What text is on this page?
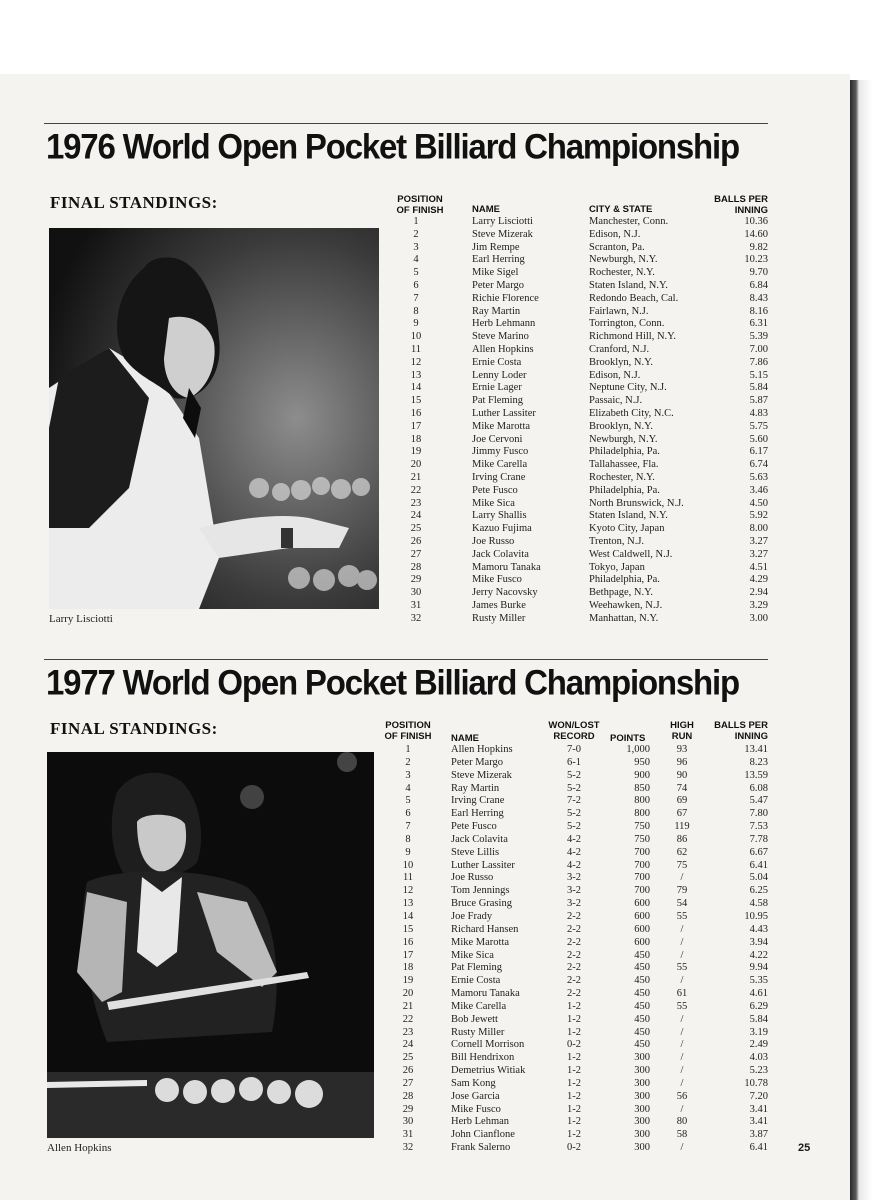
1976 World Open Pocket Billiard Championship
FINAL STANDINGS:
Larry Lisciotti
POSITION
OF FINISH	NAME	CITY & STATE
BALLS PER
INNING
1	Larry Lisciotti	Manchester, Conn.	10.36
2	Steve Mizerak	Edison, N.J.	14.60
3	Jim Rempe	Scranton, Pa.	9.82
4	Earl Herring	Newburgh, N.Y.	10.23
5	Mike Sigel	Rochester, N.Y.	9.70
6	Peter Margo	Staten Island, N.Y.	6.84
7	Richie Florence	Redondo Beach, Cal.	8.43
8	Ray Martin	Fairlawn, N.J.	8.16
9	Herb Lehmann	Torrington, Conn.	6.31
10	Steve Marino	Richmond Hill, N.Y.	5.39
11	Allen Hopkins	Cranford, N.J.	7.00
12	Ernie Costa	Brooklyn, N.Y.	7.86
13	Lenny Loder	Edison, N.J.	5.15
14	Ernie Lager	Neptune City, N.J.	5.84
15	Pat Fleming	Passaic, N.J.	5.87
16	Luther Lassiter	Elizabeth City, N.C.	4.83
17	Mike Marotta	Brooklyn, N.Y.	5.75
18	Joe Cervoni	Newburgh, N.Y.	5.60
19	Jimmy Fusco	Philadelphia, Pa.	6.17
20	Mike Carella	Tallahassee, Fla.	6.74
21	Irving Crane	Rochester, N.Y.	5.63
22	Pete Fusco	Philadelphia, Pa.	3.46
23	Mike Sica	North Brunswick, N.J.	4.50
24	Larry Shallis	Staten Island, N.Y.	5.92
25	Kazuo Fujima	Kyoto City, Japan	8.00
26	Joe Russo	Trenton, N.J.	3.27
27	Jack Colavita	West Caldwell, N.J.	3.27
28	Mamoru Tanaka	Tokyo, Japan	4.51
29	Mike Fusco	Philadelphia, Pa.	4.29
30	Jerry Nacovsky	Bethpage, N.Y.	2.94
31	James Burke	Weehawken, N.J.	3.29
32	Rusty Miller	Manhattan, N.Y.	3.00
1977 World Open Pocket Billiard Championship
FINAL STANDINGS:
Allen Hopkins
POSITION
OF FINISH	NAME
WON/LOST
RECORD	POINTS
HIGH
RUN
BALLS PER
INNING
1	Allen Hopkins	7-0	1,000	93	13.41
2	Peter Margo	6-1	950	96	8.23
3	Steve Mizerak	5-2	900	90	13.59
4	Ray Martin	5-2	850	74	6.08
5	Irving Crane	7-2	800	69	5.47
6	Earl Herring	5-2	800	67	7.80
7	Pete Fusco	5-2	750	119	7.53
8	Jack Colavita	4-2	750	86	7.78
9	Steve Lillis	4-2	700	62	6.67
10	Luther Lassiter	4-2	700	75	6.41
11	Joe Russo	3-2	700	/	5.04
12	Tom Jennings	3-2	700	79	6.25
13	Bruce Grasing	3-2	600	54	4.58
14	Joe Frady	2-2	600	55	10.95
15	Richard Hansen	2-2	600	/	4.43
16	Mike Marotta	2-2	600	/	3.94
17	Mike Sica	2-2	450	/	4.22
18	Pat Fleming	2-2	450	55	9.94
19	Ernie Costa	2-2	450	/	5.35
20	Mamoru Tanaka	2-2	450	61	4.61
21	Mike Carella	1-2	450	55	6.29
22	Bob Jewett	1-2	450	/	5.84
23	Rusty Miller	1-2	450	/	3.19
24	Cornell Morrison	0-2	450	/	2.49
25	Bill Hendrixon	1-2	300	/	4.03
26	Demetrius Witiak	1-2	300	/	5.23
27	Sam Kong	1-2	300	/	10.78
28	Jose Garcia	1-2	300	56	7.20
29	Mike Fusco	1-2	300	/	3.41
30	Herb Lehman	1-2	300	80	3.41
31	John Cianflone	1-2	300	58	3.87
32	Frank Salerno	0-2	300	/	6.41	25
